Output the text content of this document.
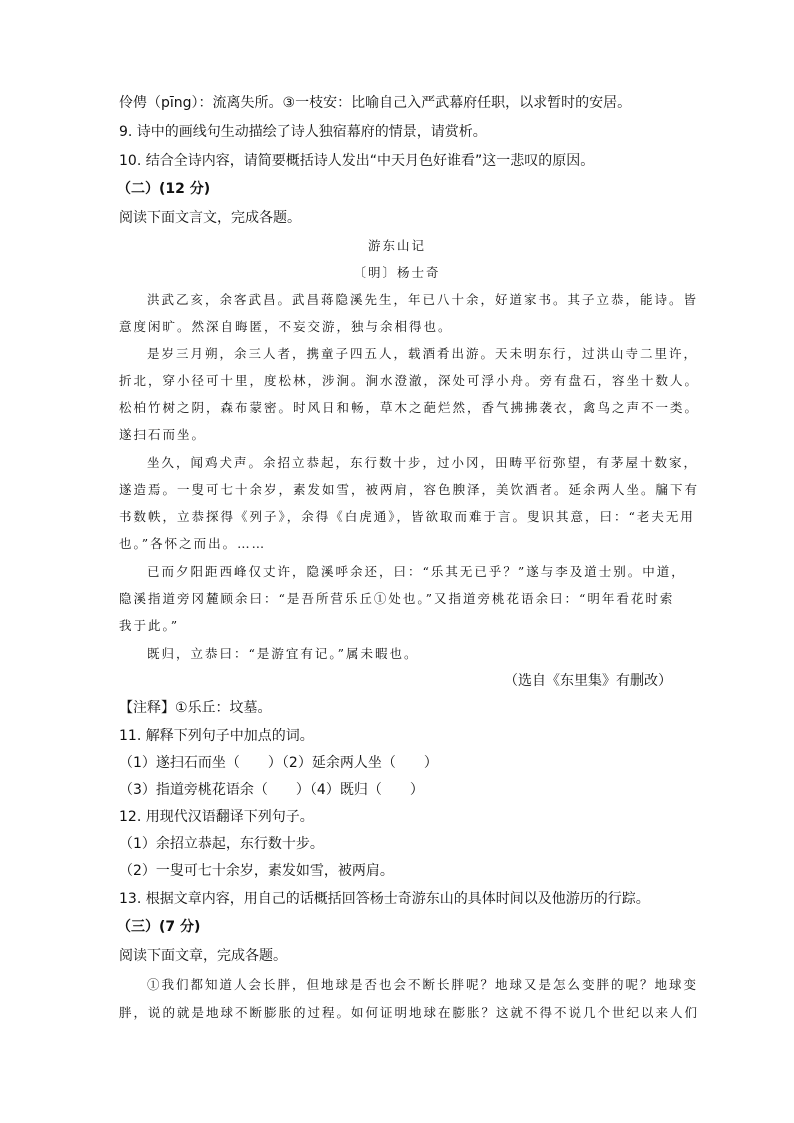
伶俜（pīng）：流离失所。③一枝安：比喻自己入严武幕府任职，以求暂时的安居。
9. 诗中的画线句生动描绘了诗人独宿幕府的情景，请赏析。
10. 结合全诗内容，请简要概括诗人发出“中天月色好谁看”这一悲叹的原因。
（二）(12 分)
阅读下面文言文，完成各题。
游东山记
〔明〕杨士奇
洪武乙亥，余客武昌。武昌蒋隐溪先生，年已八十余，好道家书。其子立恭，能诗。皆
意度闲旷。然深自晦匿，不妄交游，独与余相得也。
是岁三月朔，余三人者，携童子四五人，载酒肴出游。天未明东行，过洪山寺二里许，
折北，穿小径可十里，度松林，涉涧。涧水澄澈，深处可浮小舟。旁有盘石，容坐十数人。
松柏竹树之阴，森布蒙密。时风日和畅，草木之葩烂然，香气拂拂袭衣，禽鸟之声不一类。
遂扫石而坐。
坐久，闻鸡犬声。余招立恭起，东行数十步，过小冈，田畴平衍弥望，有茅屋十数家，
遂造焉。一叟可七十余岁，素发如雪，被两肩，容色腴泽，美饮酒者。延余两人坐。牖下有
书数帙，立恭探得《列子》，余得《白虎通》，皆欲取而难于言。叟识其意，曰：“老夫无用
也。”各怀之而出。……
已而夕阳距西峰仅丈许，隐溪呼余还，曰：“乐其无已乎？”遂与李及道士别。中道，
隐溪指道旁冈麓顾余曰：“是吾所营乐丘①处也。”又指道旁桃花语余曰：“明年看花时索
我于此。”
既归，立恭曰：“是游宜有记。”属未暇也。
（选自《东里集》有删改）
【注释】①乐丘：坟墓。
11. 解释下列句子中加点的词。
（1）遂扫石而坐（　　）（2）延余两人坐（　　）
（3）指道旁桃花语余（　　）（4）既归（　　）
12. 用现代汉语翻译下列句子。
（1）余招立恭起，东行数十步。
（2）一叟可七十余岁，素发如雪，被两肩。
13. 根据文章内容，用自己的话概括回答杨士奇游东山的具体时间以及他游历的行踪。
（三）(7 分)
阅读下面文章，完成各题。
①我们都知道人会长胖，但地球是否也会不断长胖呢？地球又是怎么变胖的呢？地球变
胖，说的就是地球不断膨胀的过程。如何证明地球在膨胀？这就不得不说几个世纪以来人们
